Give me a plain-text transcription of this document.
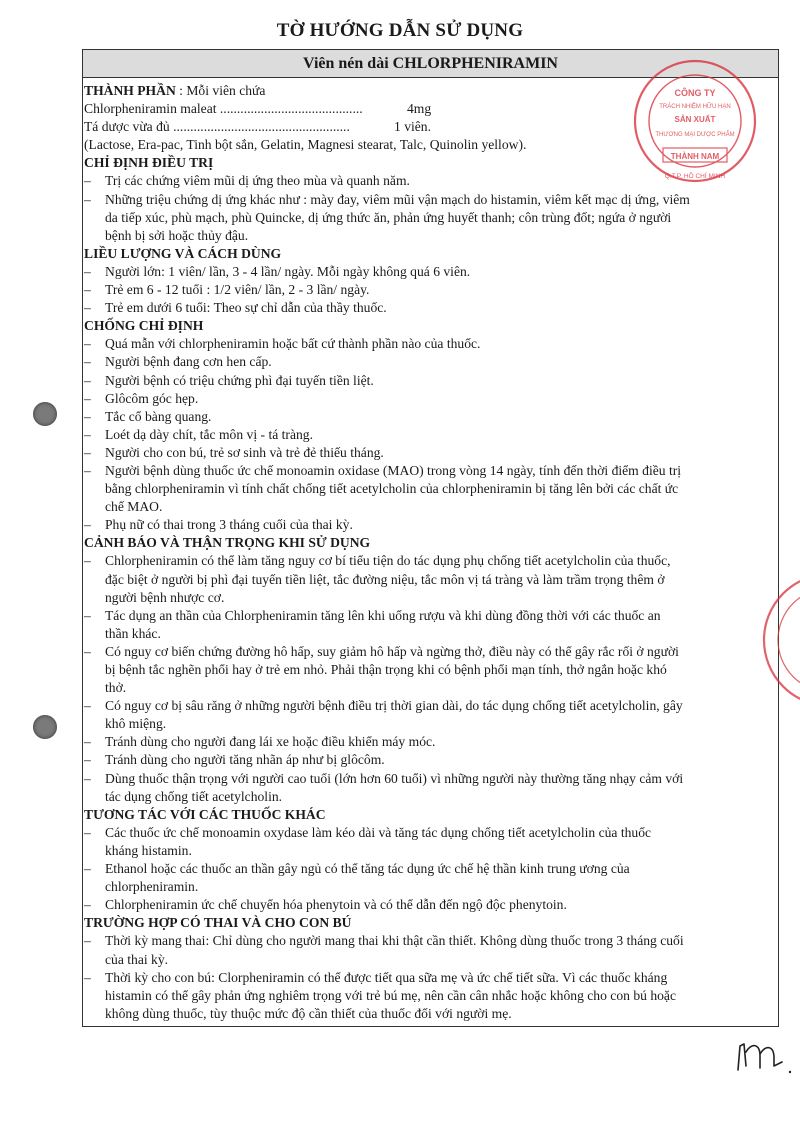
TỜ HƯỚNG DẪN SỬ DỤNG
Viên nén dài CHLORPHENIRAMIN
THÀNH PHẦN : Mỗi viên chứa
Chlorpheniramin maleat ..........................................	4mg
Tá dược vừa đủ ....................................................	1 viên.
(Lactose, Era-pac, Tinh bột sắn, Gelatin, Magnesi stearat, Talc, Quinolin yellow).
CHỈ ĐỊNH ĐIỀU TRỊ
– Trị các chứng viêm mũi dị ứng theo mùa và quanh năm.
– Những triệu chứng dị ứng khác như : mày đay, viêm mũi vận mạch do histamin, viêm kết mạc dị ứng, viêm
da tiếp xúc, phù mạch, phù Quincke, dị ứng thức ăn, phản ứng huyết thanh; côn trùng đốt; ngứa ở người
bệnh bị sởi hoặc thủy đậu.
LIỀU LƯỢNG VÀ CÁCH DÙNG
– Người lớn: 1 viên/ lần, 3 - 4 lần/ ngày. Mỗi ngày không quá 6 viên.
– Trẻ em 6 - 12 tuổi : 1/2 viên/ lần, 2 - 3 lần/ ngày.
– Trẻ em dưới 6 tuổi: Theo sự chỉ dẫn của thầy thuốc.
CHỐNG CHỈ ĐỊNH
– Quá mẫn với chlorpheniramin hoặc bất cứ thành phần nào của thuốc.
– Người bệnh đang cơn hen cấp.
– Người bệnh có triệu chứng phì đại tuyến tiền liệt.
– Glôcôm góc hẹp.
– Tắc cổ bàng quang.
– Loét dạ dày chít, tắc môn vị - tá tràng.
– Người cho con bú, trẻ sơ sinh và trẻ đẻ thiếu tháng.
– Người bệnh dùng thuốc ức chế monoamin oxidase (MAO) trong vòng 14 ngày, tính đến thời điểm điều trị
bằng chlorpheniramin vì tính chất chống tiết acetylcholin của chlorpheniramin bị tăng lên bởi các chất ức
chế MAO.
– Phụ nữ có thai trong 3 tháng cuối của thai kỳ.
CẢNH BÁO VÀ THẬN TRỌNG KHI SỬ DỤNG
– Chlorpheniramin có thể làm tăng nguy cơ bí tiểu tiện do tác dụng phụ chống tiết acetylcholin của thuốc,
đặc biệt ở người bị phì đại tuyến tiền liệt, tắc đường niệu, tắc môn vị tá tràng và làm trầm trọng thêm ở
người bệnh nhược cơ.
– Tác dụng an thần của Chlorpheniramin tăng lên khi uống rượu và khi dùng đồng thời với các thuốc an
thần khác.
– Có nguy cơ biến chứng đường hô hấp, suy giảm hô hấp và ngừng thở, điều này có thể gây rắc rối ở người
bị bệnh tắc nghẽn phổi hay ở trẻ em nhỏ. Phải thận trọng khi có bệnh phổi mạn tính, thở ngắn hoặc khó
thở.
– Có nguy cơ bị sâu răng ở những người bệnh điều trị thời gian dài, do tác dụng chống tiết acetylcholin, gây
khô miệng.
– Tránh dùng cho người đang lái xe hoặc điều khiển máy móc.
– Tránh dùng cho người tăng nhãn áp như bị glôcôm.
– Dùng thuốc thận trọng với người cao tuổi (lớn hơn 60 tuổi) vì những người này thường tăng nhạy cảm với
tác dụng chống tiết acetylcholin.
TƯƠNG TÁC VỚI CÁC THUỐC KHÁC
– Các thuốc ức chế monoamin oxydase làm kéo dài và tăng tác dụng chống tiết acetylcholin của thuốc
kháng histamin.
– Ethanol hoặc các thuốc an thần gây ngủ có thể tăng tác dụng ức chế hệ thần kinh trung ương của
chlorpheniramin.
– Chlorpheniramin ức chế chuyển hóa phenytoin và có thể dẫn đến ngộ độc phenytoin.
TRƯỜNG HỢP CÓ THAI VÀ CHO CON BÚ
– Thời kỳ mang thai: Chỉ dùng cho người mang thai khi thật cần thiết. Không dùng thuốc trong 3 tháng cuối
của thai kỳ.
– Thời kỳ cho con bú: Clorpheniramin có thể được tiết qua sữa mẹ và ức chế tiết sữa. Vì các thuốc kháng
histamin có thể gây phản ứng nghiêm trọng với trẻ bú mẹ, nên cần cân nhắc hoặc không cho con bú hoặc
không dùng thuốc, tùy thuộc mức độ cần thiết của thuốc đối với người mẹ.
CÔNG TY
TRÁCH NHIỆM HỮU HẠN
SẢN XUẤT
THƯƠNG MẠI DƯỢC PHẨM
THÀNH NAM
Q.T.P. HỒ CHÍ MINH
